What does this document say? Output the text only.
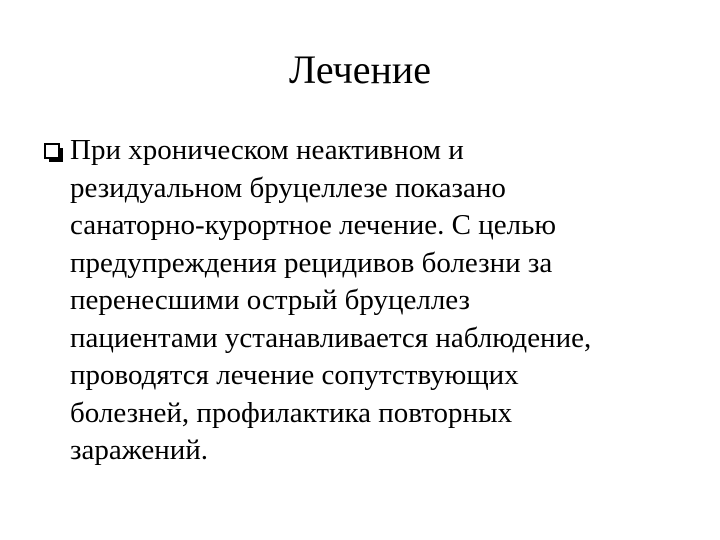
Лечение
При хроническом неактивном и
резидуальном бруцеллезе показано
санаторно-курортное лечение. С целью
предупреждения рецидивов болезни за
перенесшими острый бруцеллез
пациентами устанавливается наблюдение,
проводятся лечение сопутствующих
болезней, профилактика повторных
заражений.
